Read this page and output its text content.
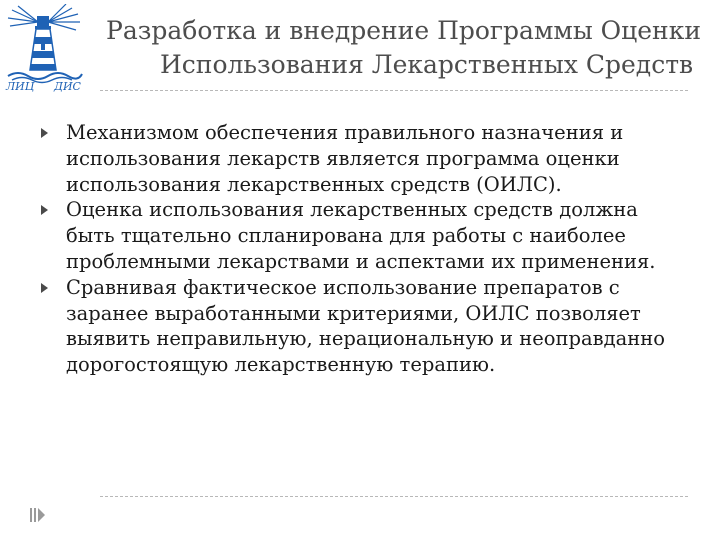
ЛИЦ ДИС
Разработка и внедрение Программы Оценки
Использования Лекарственных Средств
Механизмом обеспечения правильного назначения и использования лекарств является программа оценки использования лекарственных средств (ОИЛС).
Оценка использования лекарственных средств должна быть тщательно спланирована для работы с наиболее проблемными лекарствами и аспектами их применения.
Сравнивая фактическое использование препаратов с заранее выработанными критериями, ОИЛС позволяет выявить неправильную, нерациональную и неоправданно дорогостоящую лекарственную терапию.
